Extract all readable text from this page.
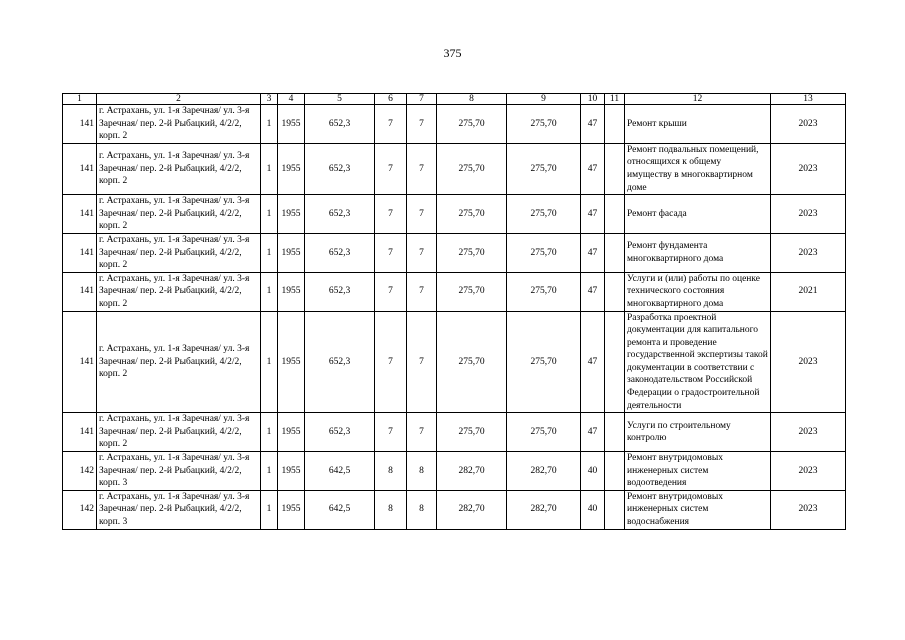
375
1	2	3	4	5	6	7	8	9	10	11	12	13
141	г. Астрахань, ул. 1-я Заречная/ ул. 3-я Заречная/ пер. 2-й Рыбацкий, 4/2/2, корп. 2	1	1955	652,3	7	7	275,70	275,70	47		Ремонт крыши	2023
141	г. Астрахань, ул. 1-я Заречная/ ул. 3-я Заречная/ пер. 2-й Рыбацкий, 4/2/2, корп. 2	1	1955	652,3	7	7	275,70	275,70	47		Ремонт подвальных помещений, относящихся к общему имуществу в многоквартирном доме	2023
141	г. Астрахань, ул. 1-я Заречная/ ул. 3-я Заречная/ пер. 2-й Рыбацкий, 4/2/2, корп. 2	1	1955	652,3	7	7	275,70	275,70	47		Ремонт фасада	2023
141	г. Астрахань, ул. 1-я Заречная/ ул. 3-я Заречная/ пер. 2-й Рыбацкий, 4/2/2, корп. 2	1	1955	652,3	7	7	275,70	275,70	47		Ремонт фундамента многоквартирного дома	2023
141	г. Астрахань, ул. 1-я Заречная/ ул. 3-я Заречная/ пер. 2-й Рыбацкий, 4/2/2, корп. 2	1	1955	652,3	7	7	275,70	275,70	47		Услуги и (или) работы по оценке технического состояния многоквартирного дома	2021
141	г. Астрахань, ул. 1-я Заречная/ ул. 3-я Заречная/ пер. 2-й Рыбацкий, 4/2/2, корп. 2	1	1955	652,3	7	7	275,70	275,70	47		Разработка проектной документации для капитального ремонта и проведение государственной экспертизы такой документации в соответствии с законодательством Российской Федерации о градостроительной деятельности	2023
141	г. Астрахань, ул. 1-я Заречная/ ул. 3-я Заречная/ пер. 2-й Рыбацкий, 4/2/2, корп. 2	1	1955	652,3	7	7	275,70	275,70	47		Услуги по строительному контролю	2023
142	г. Астрахань, ул. 1-я Заречная/ ул. 3-я Заречная/ пер. 2-й Рыбацкий, 4/2/2, корп. 3	1	1955	642,5	8	8	282,70	282,70	40		Ремонт внутридомовых инженерных систем водоотведения	2023
142	г. Астрахань, ул. 1-я Заречная/ ул. 3-я Заречная/ пер. 2-й Рыбацкий, 4/2/2, корп. 3	1	1955	642,5	8	8	282,70	282,70	40		Ремонт внутридомовых инженерных систем водоснабжения	2023
